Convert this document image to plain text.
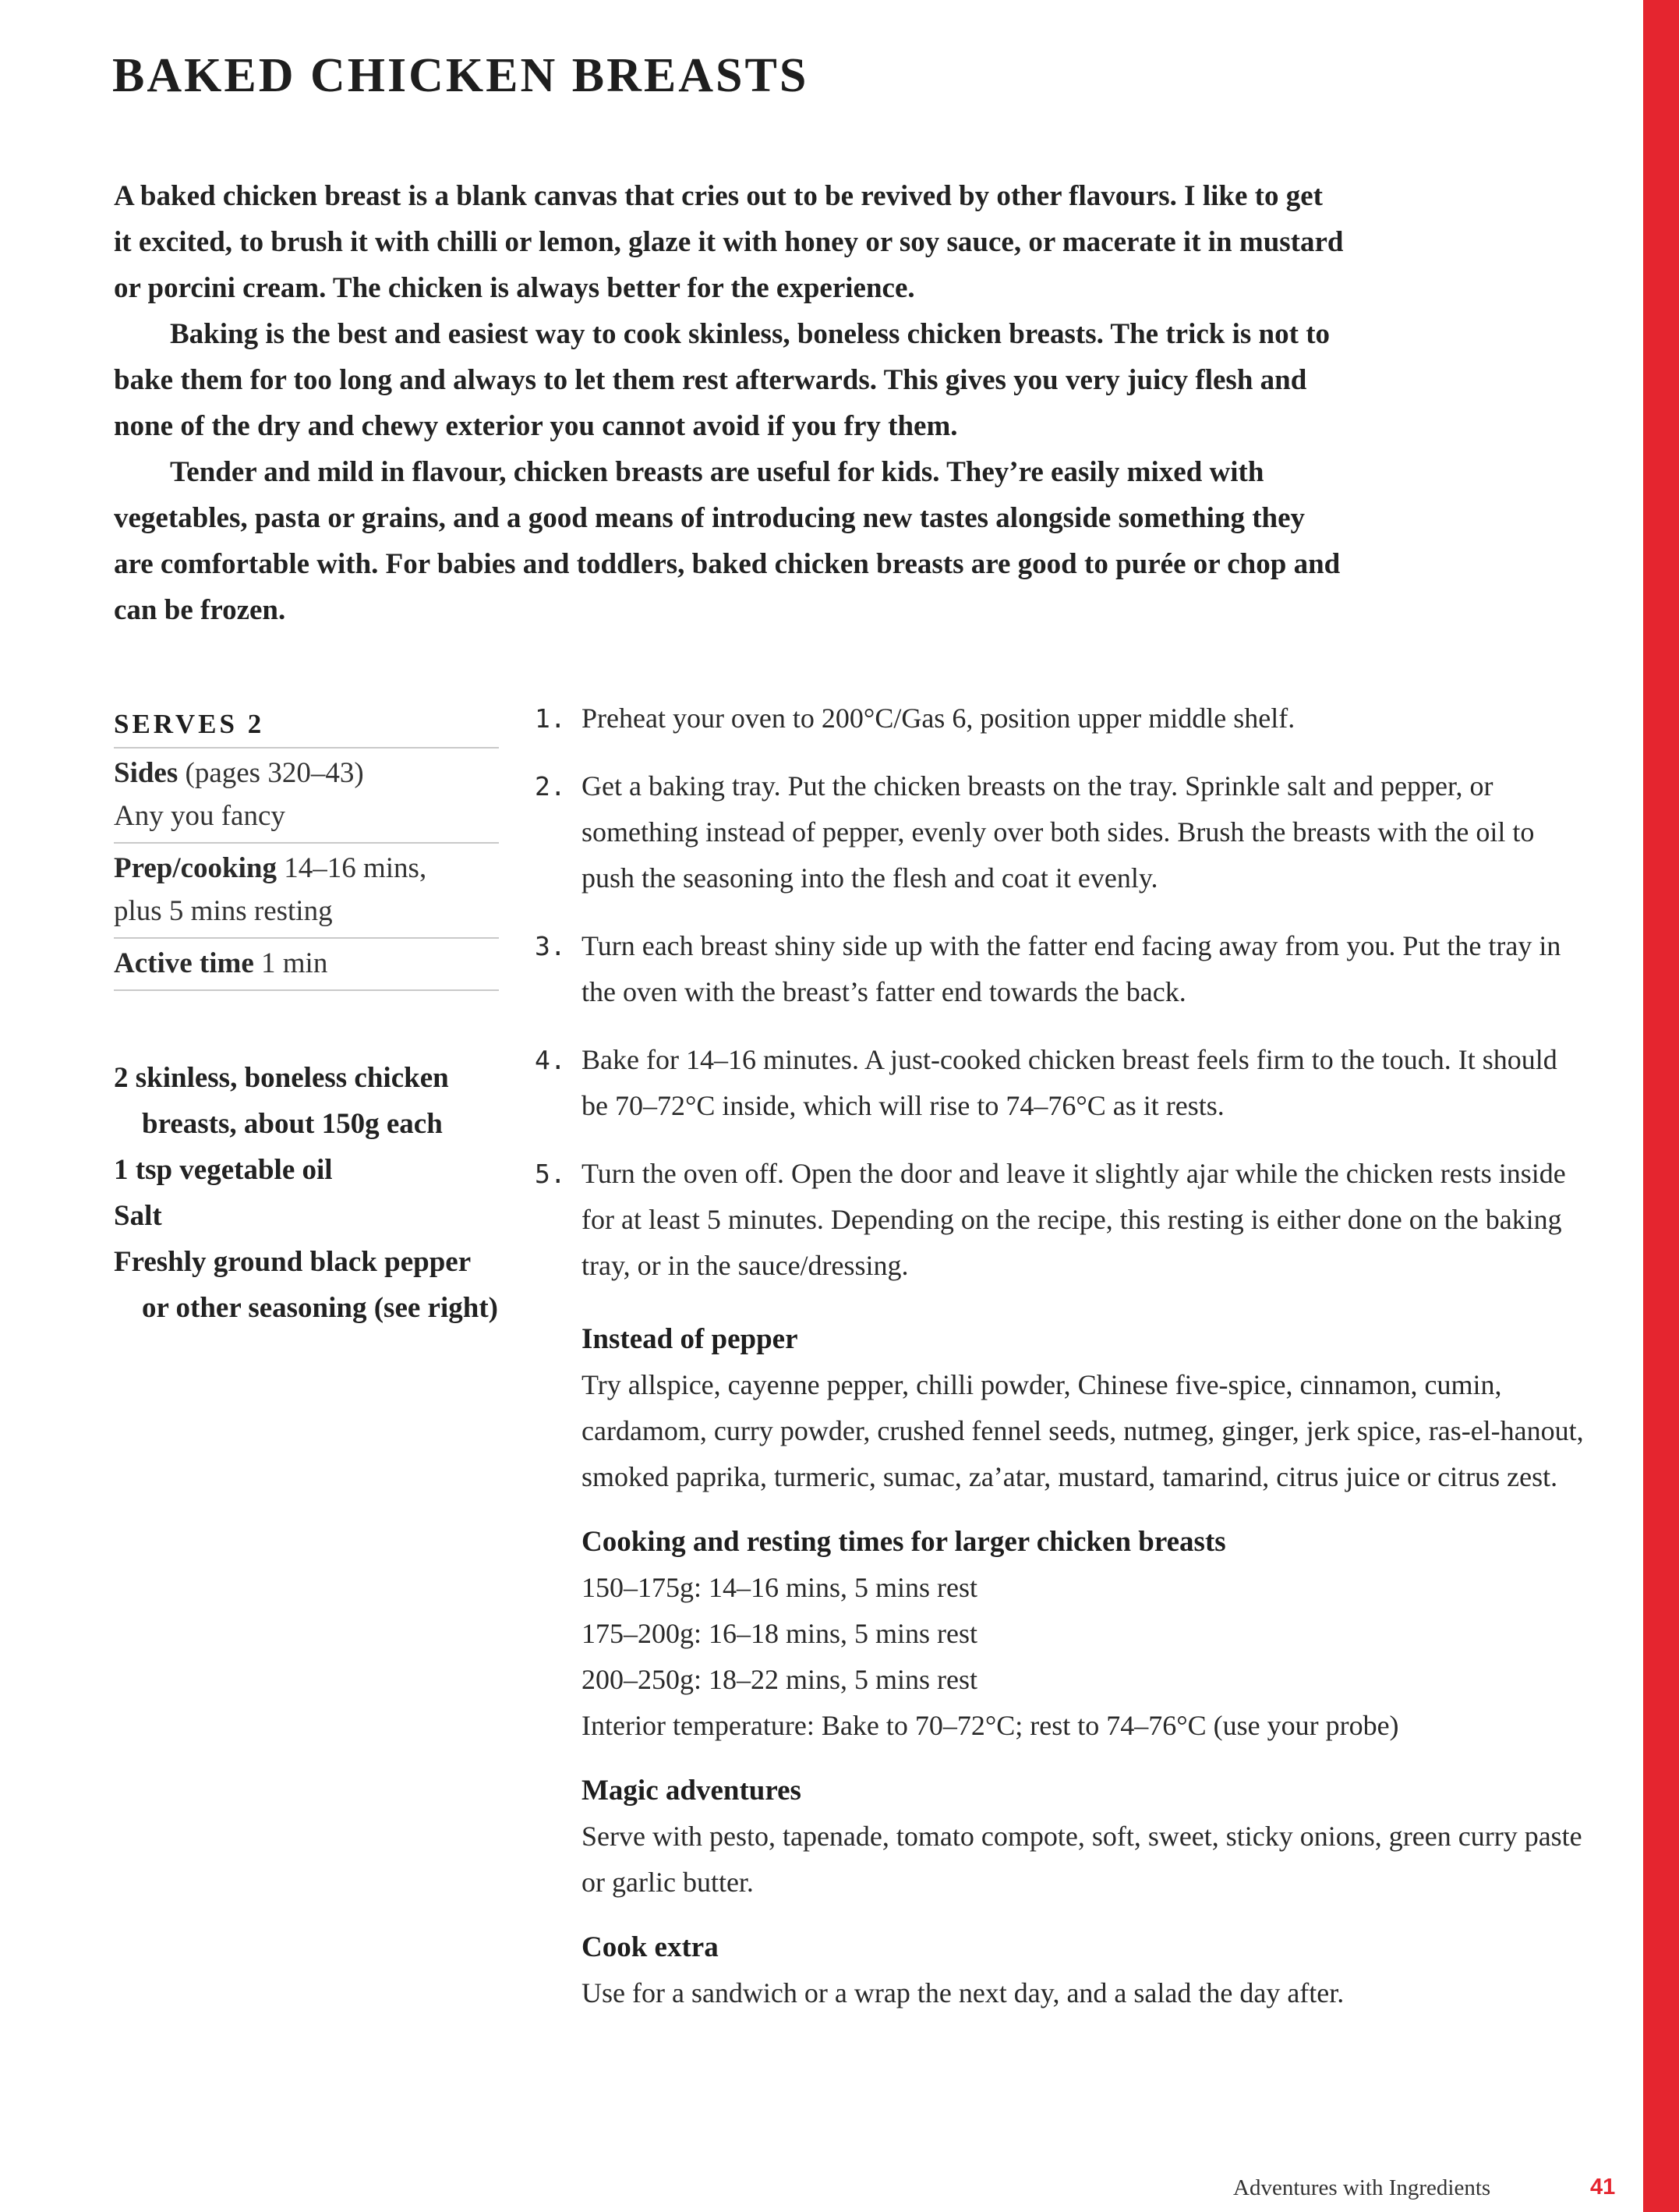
BAKED CHICKEN BREASTS

A baked chicken breast is a blank canvas that cries out to be revived by other flavours. I like to get it excited, to brush it with chilli or lemon, glaze it with honey or soy sauce, or macerate it in mustard or porcini cream. The chicken is always better for the experience.

Baking is the best and easiest way to cook skinless, boneless chicken breasts. The trick is not to bake them for too long and always to let them rest afterwards. This gives you very juicy flesh and none of the dry and chewy exterior you cannot avoid if you fry them.

Tender and mild in flavour, chicken breasts are useful for kids. They’re easily mixed with vegetables, pasta or grains, and a good means of introducing new tastes alongside something they are comfortable with. For babies and toddlers, baked chicken breasts are good to purée or chop and can be frozen.

SERVES 2
Sides (pages 320–43)
Any you fancy
Prep/cooking 14–16 mins,
plus 5 mins resting
Active time 1 min
2 skinless, boneless chicken breasts, about 150g each
1 tsp vegetable oil
Salt
Freshly ground black pepper or other seasoning (see right)
1. Preheat your oven to 200°C/Gas 6, position upper middle shelf.
2. Get a baking tray. Put the chicken breasts on the tray. Sprinkle salt and pepper, or something instead of pepper, evenly over both sides. Brush the breasts with the oil to push the seasoning into the flesh and coat it evenly.
3. Turn each breast shiny side up with the fatter end facing away from you. Put the tray in the oven with the breast’s fatter end towards the back.
4. Bake for 14–16 minutes. A just-cooked chicken breast feels firm to the touch. It should be 70–72°C inside, which will rise to 74–76°C as it rests.
5. Turn the oven off. Open the door and leave it slightly ajar while the chicken rests inside for at least 5 minutes. Depending on the recipe, this resting is either done on the baking tray, or in the sauce/dressing.
Instead of pepper
Try allspice, cayenne pepper, chilli powder, Chinese five-spice, cinnamon, cumin, cardamom, curry powder, crushed fennel seeds, nutmeg, ginger, jerk spice, ras-el-hanout, smoked paprika, turmeric, sumac, za’atar, mustard, tamarind, citrus juice or citrus zest.
Cooking and resting times for larger chicken breasts
150–175g: 14–16 mins, 5 mins rest
175–200g: 16–18 mins, 5 mins rest
200–250g: 18–22 mins, 5 mins rest
Interior temperature: Bake to 70–72°C; rest to 74–76°C (use your probe)
Magic adventures
Serve with pesto, tapenade, tomato compote, soft, sweet, sticky onions, green curry paste or garlic butter.
Cook extra
Use for a sandwich or a wrap the next day, and a salad the day after.
Adventures with Ingredients	41
